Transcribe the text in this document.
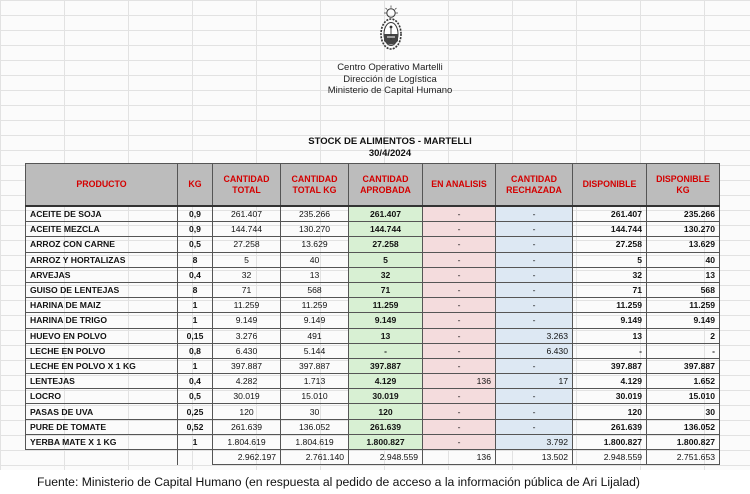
Centro Operativo Martelli
Dirección de Logística
Ministerio de Capital Humano
STOCK DE ALIMENTOS - MARTELLI
30/4/2024
PRODUCTO	KG	CANTIDAD TOTAL	CANTIDAD TOTAL KG	CANTIDAD APROBADA	EN ANALISIS	CANTIDAD RECHAZADA	DISPONIBLE	DISPONIBLE KG
ACEITE DE SOJA	0,9	261.407	235.266	261.407	-	-	261.407	235.266
ACEITE MEZCLA	0,9	144.744	130.270	144.744	-	-	144.744	130.270
ARROZ CON CARNE	0,5	27.258	13.629	27.258	-	-	27.258	13.629
ARROZ Y HORTALIZAS	8	5	40	5	-	-	5	40
ARVEJAS	0,4	32	13	32	-	-	32	13
GUISO DE LENTEJAS	8	71	568	71	-	-	71	568
HARINA DE MAIZ	1	11.259	11.259	11.259	-	-	11.259	11.259
HARINA DE TRIGO	1	9.149	9.149	9.149	-	-	9.149	9.149
HUEVO EN POLVO	0,15	3.276	491	13	-	3.263	13	2
LECHE EN POLVO	0,8	6.430	5.144	-	-	6.430	-	-
LECHE EN POLVO X 1 KG	1	397.887	397.887	397.887	-	-	397.887	397.887
LENTEJAS	0,4	4.282	1.713	4.129	136	17	4.129	1.652
LOCRO	0,5	30.019	15.010	30.019	-	-	30.019	15.010
PASAS DE UVA	0,25	120	30	120	-	-	120	30
PURE DE TOMATE	0,52	261.639	136.052	261.639	-	-	261.639	136.052
YERBA MATE X 1 KG	1	1.804.619	1.804.619	1.800.827	-	3.792	1.800.827	1.800.827
		2.962.197	2.761.140	2.948.559	136	13.502	2.948.559	2.751.653
Fuente: Ministerio de Capital Humano (en respuesta al pedido de acceso a la información pública de Ari Lijalad)
